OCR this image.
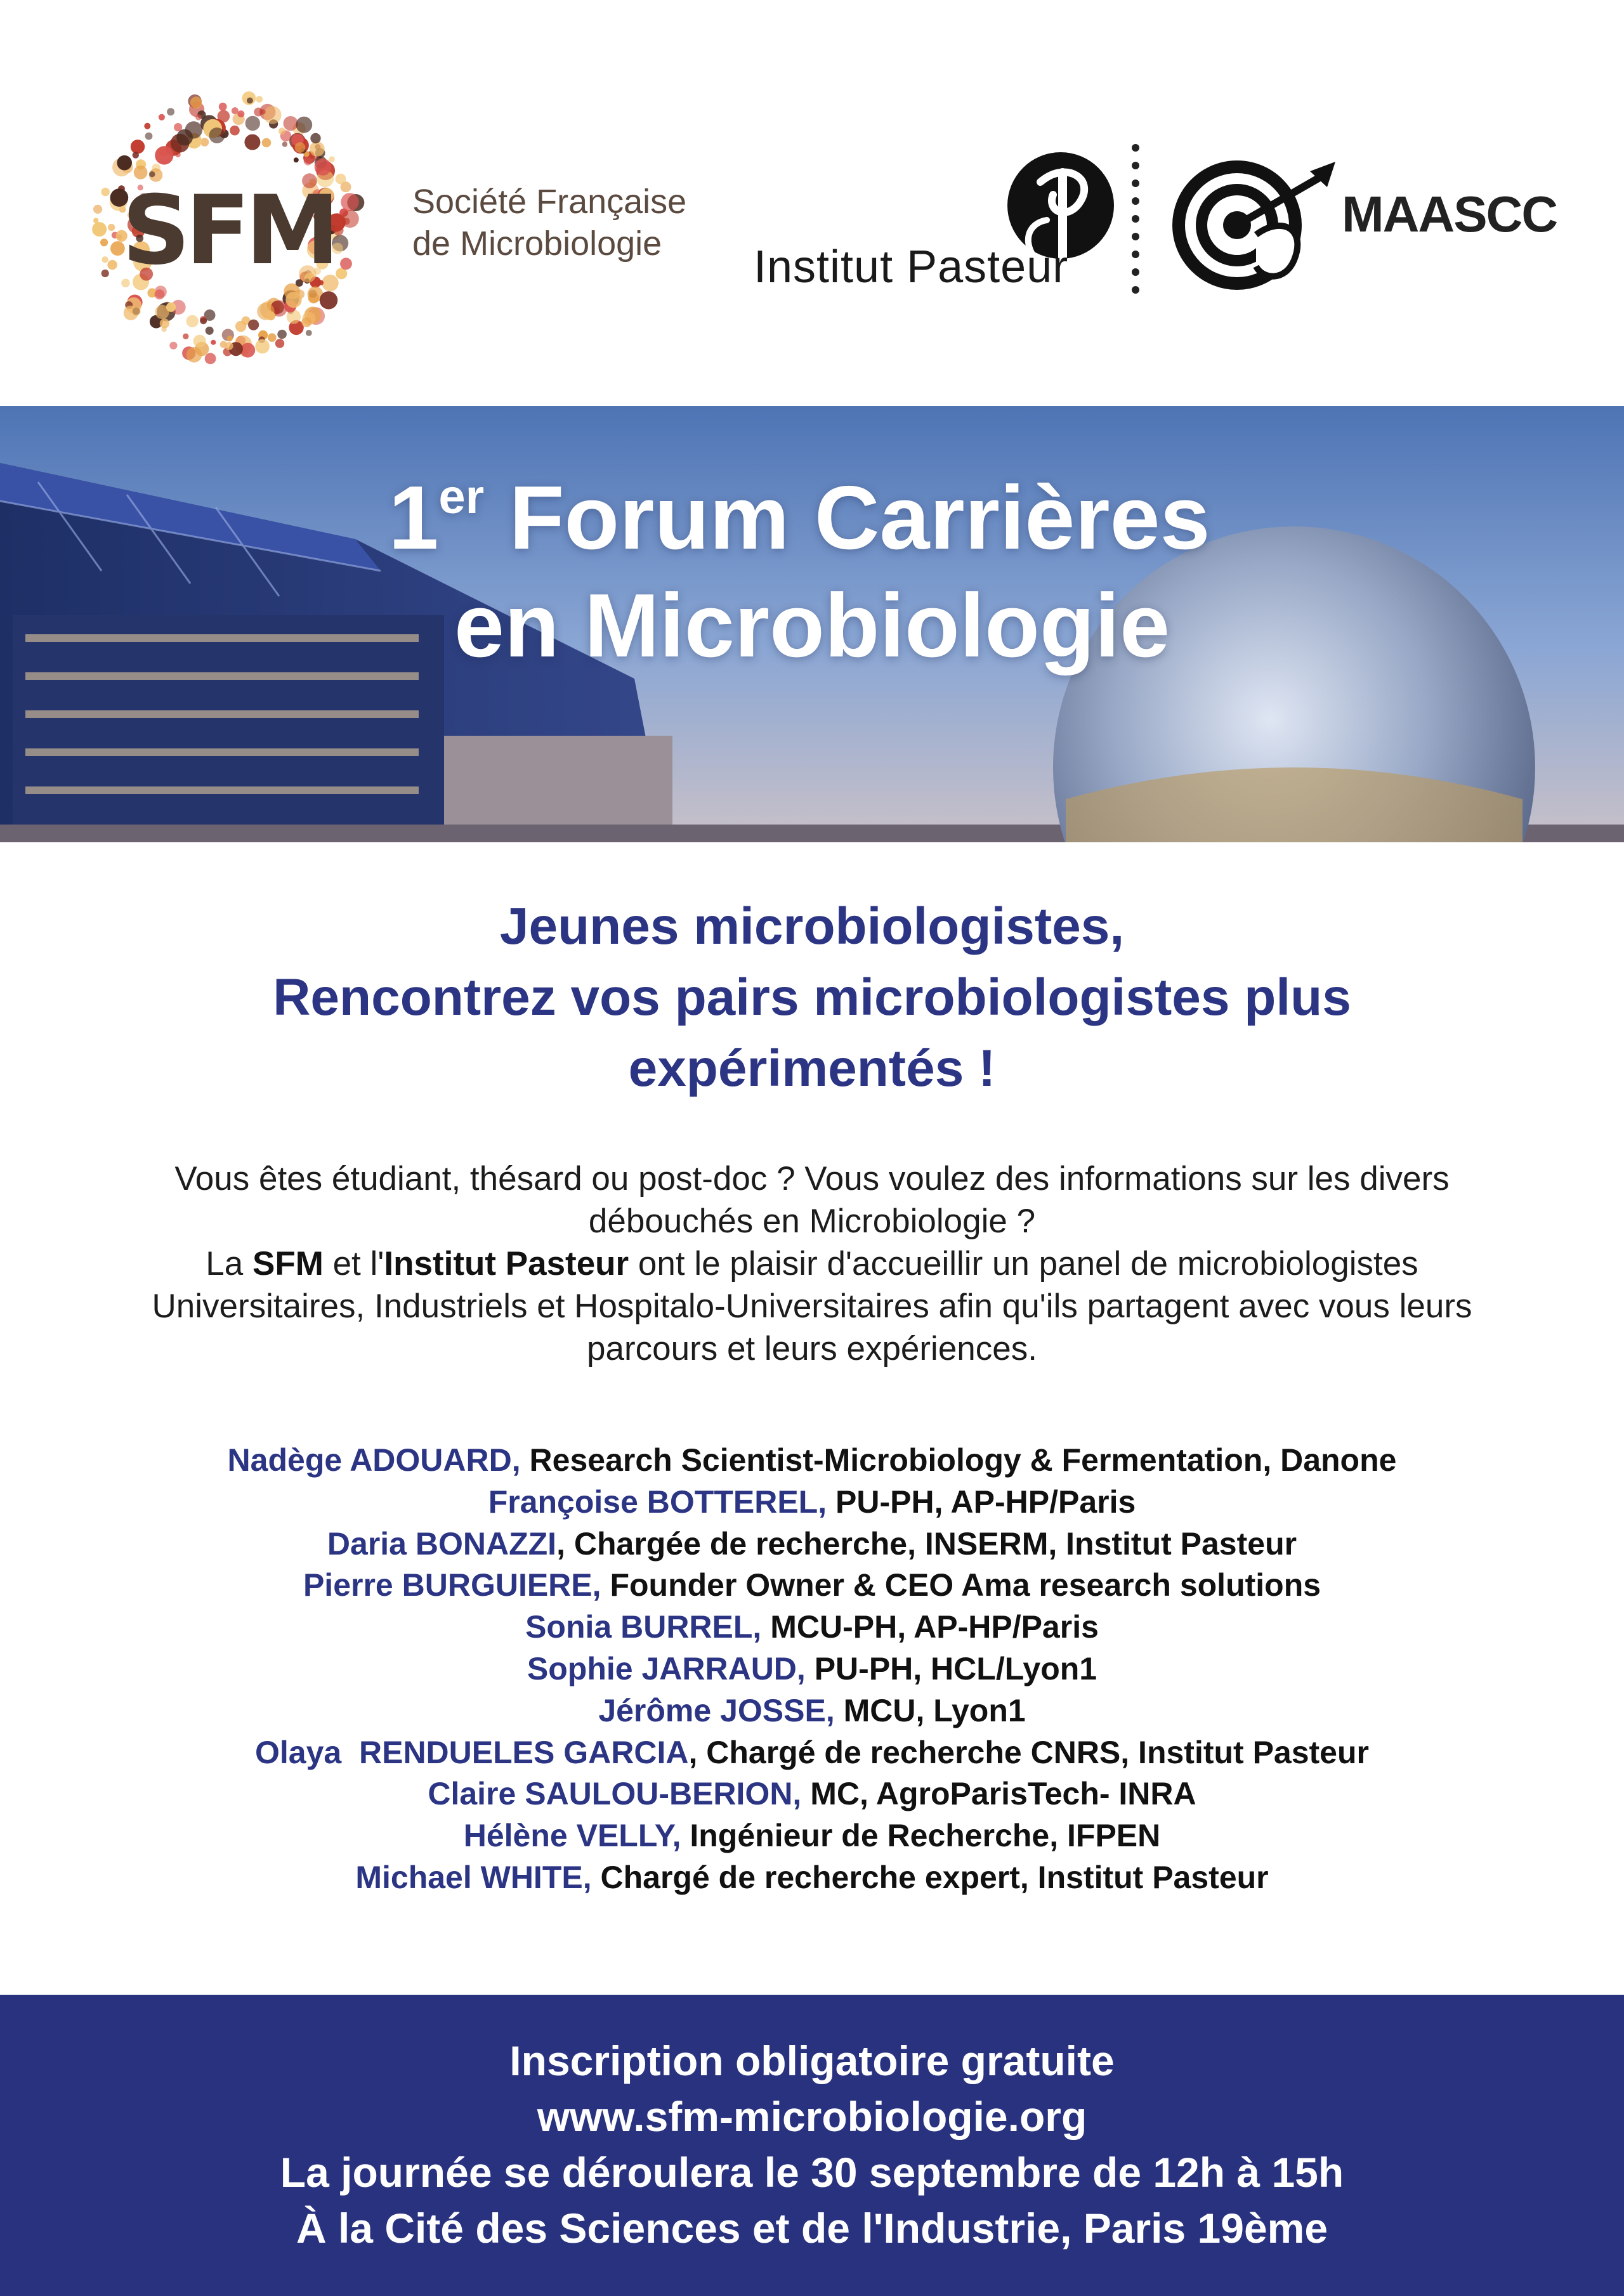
SFM Société Française
de Microbiologie	Institut Pasteur
MAASCC
1er Forum Carrières
en Microbiologie
Jeunes microbiologistes,
Rencontrez vos pairs microbiologistes plus
expérimentés !
Vous êtes étudiant, thésard ou post-doc ? Vous voulez des informations sur les divers
débouchés en Microbiologie ?
La SFM et l'Institut Pasteur ont le plaisir d'accueillir un panel de microbiologistes
Universitaires, Industriels et Hospitalo-Universitaires afin qu'ils partagent avec vous leurs
parcours et leurs expériences.
Nadège ADOUARD, Research Scientist-Microbiology & Fermentation, Danone
Françoise BOTTEREL, PU-PH, AP-HP/Paris
Daria BONAZZI, Chargée de recherche, INSERM, Institut Pasteur
Pierre BURGUIERE, Founder Owner & CEO Ama research solutions
Sonia BURREL, MCU-PH, AP-HP/Paris
Sophie JARRAUD, PU-PH, HCL/Lyon1
Jérôme JOSSE, MCU, Lyon1
Olaya  RENDUELES GARCIA, Chargé de recherche CNRS, Institut Pasteur
Claire SAULOU-BERION, MC, AgroParisTech- INRA
Hélène VELLY, Ingénieur de Recherche, IFPEN
Michael WHITE, Chargé de recherche expert, Institut Pasteur
Inscription obligatoire gratuite
www.sfm-microbiologie.org
La journée se déroulera le 30 septembre de 12h à 15h
À la Cité des Sciences et de l'Industrie, Paris 19ème
